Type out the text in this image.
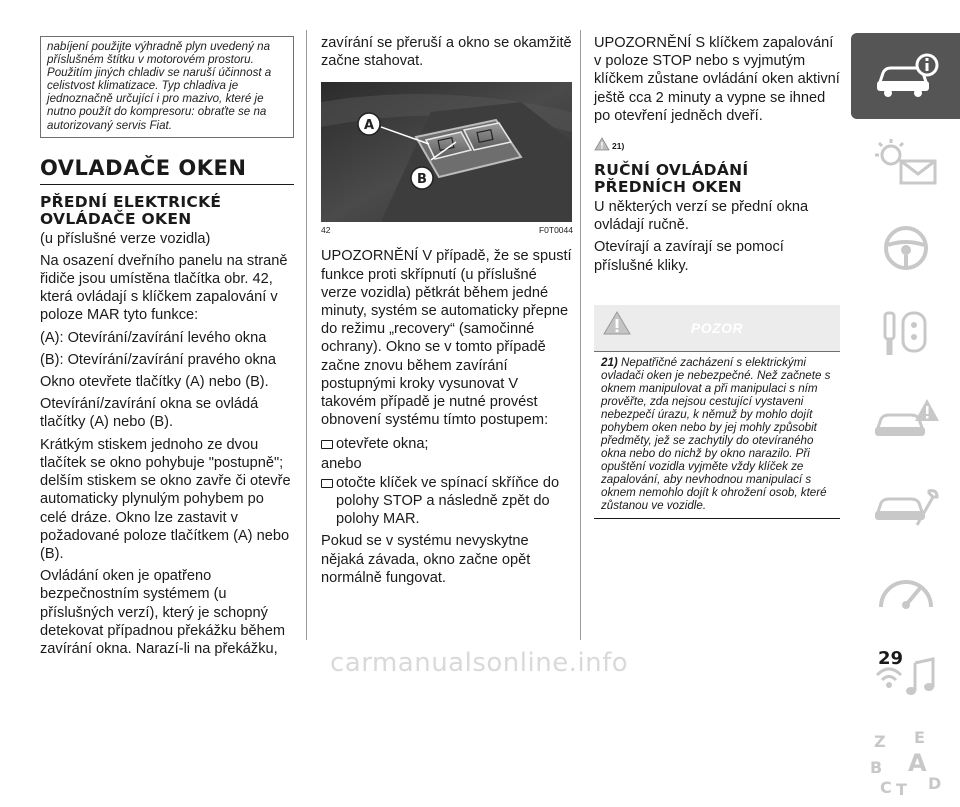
nabíjení použijte výhradně plyn uvedený na příslušném štítku v motorovém prostoru. Použitím jiných chladiv se naruší účinnost a celistvost klimatizace. Typ chladiva je jednoznačně určující i pro mazivo, které je nutno použít do kompresoru: obraťte se na autorizovaný servis Fiat.
OVLADAČE OKEN
PŘEDNÍ ELEKTRICKÉ OVLÁDAČE OKEN
(u příslušné verze vozidla)
Na osazení dveřního panelu na straně řidiče jsou umístěna tlačítka obr. 42, která ovládají s klíčkem zapalování v poloze MAR tyto funkce:
(A): Otevírání/zavírání levého okna
(B): Otevírání/zavírání pravého okna
Okno otevřete tlačítky (A) nebo (B).
Otevírání/zavírání okna se ovládá tlačítky (A) nebo (B).
Krátkým stiskem jednoho ze dvou tlačítek se okno pohybuje "postupně"; delším stiskem se okno zavře či otevře automaticky plynulým pohybem po celé dráze. Okno lze zastavit v požadované poloze tlačítkem (A) nebo (B).
Ovládání oken je opatřeno bezpečnostním systémem (u příslušných verzí), který je schopný detekovat případnou překážku během zavírání okna. Narazí-li na překážku,
zavírání se přeruší a okno se okamžitě začne stahovat.
A
B
42	F0T0044
UPOZORNĚNÍ V případě, že se spustí funkce proti skřípnutí (u příslušné verze vozidla) pětkrát během jedné minuty, systém se automaticky přepne do režimu „recovery“ (samočinné ochrany). Okno se v tomto případě začne znovu během zavírání postupnými kroky vysunovat V takovém případě je nutné provést obnovení systému tímto postupem:
otevřete okna;
anebo
otočte klíček ve spínací skříňce do polohy STOP a následně zpět do polohy MAR.
Pokud se v systému nevyskytne nějaká závada, okno začne opět normálně fungovat.
UPOZORNĚNÍ S klíčkem zapalování v poloze STOP nebo s vyjmutým klíčkem zůstane ovládání oken aktivní ještě cca 2 minuty a vypne se ihned po otevření jedněch dveří.
21)
RUČNÍ OVLÁDÁNÍ PŘEDNÍCH OKEN
U některých verzí se přední okna ovládají ručně.
Otevírají a zavírají se pomocí příslušné kliky.
POZOR
21) Nepatřičné zacházení s elektrickými ovladači oken je nebezpečné. Než začnete s oknem manipulovat a při manipulaci s ním prověřte, zda nejsou cestující vystaveni nebezpečí úrazu, k němuž by mohlo dojít pohybem oken nebo by jej mohly způsobit předměty, jež se zachytily do otevíraného okna nebo do nichž by okno narazilo. Při opuštění vozidla vyjměte vždy klíček ze zapalování, aby nevhodnou manipulací s oknem nemohlo dojít k ohrožení osob, které zůstanou ve vozidle.
Z E
B A
C T D
carmanualsonline.info	29
